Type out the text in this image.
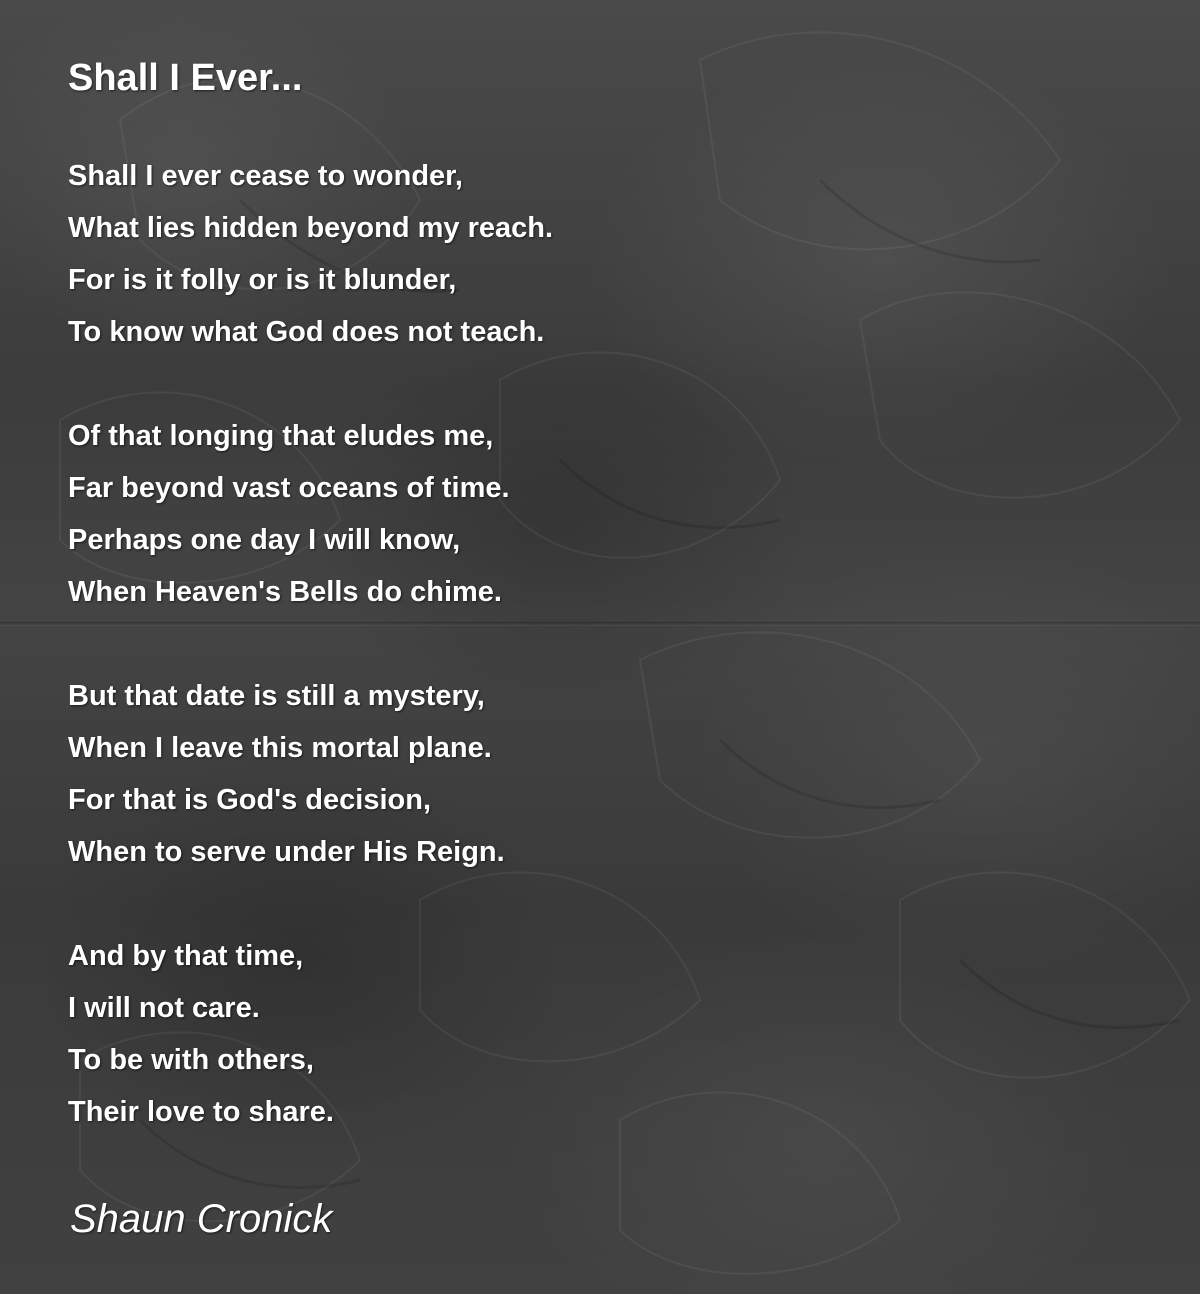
Shall I Ever...
Shall I ever cease to wonder,
What lies hidden beyond my reach.
For is it folly or is it blunder,
To know what God does not teach.
Of that longing that eludes me,
Far beyond vast oceans of time.
Perhaps one day I will know,
When Heaven's Bells do chime.
But that date is still a mystery,
When I leave this mortal plane.
For that is God's decision,
When to serve under His Reign.
And by that time,
I will not care.
To be with others,
Their love to share.

Shaun Cronick
